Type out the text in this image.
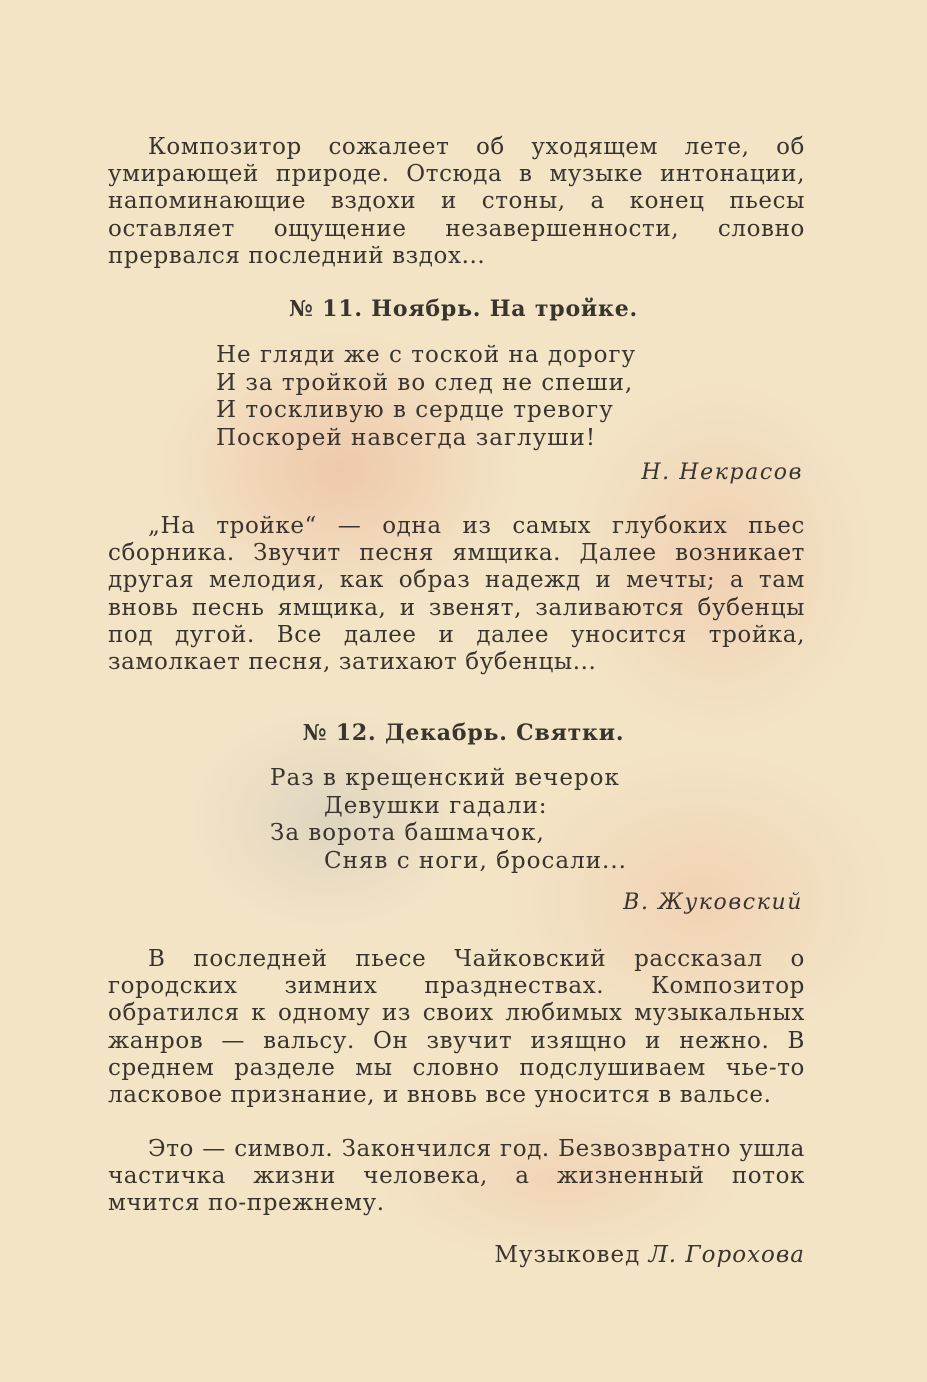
Композитор сожалеет об уходящем лете, об умирающей природе. Отсюда в музыке интонации, напоминающие вздохи и стоны, а конец пьесы оставляет ощущение незавершенности, словно прервался последний вздох...

№ 11. Ноябрь. На тройке.
Не гляди же с тоской на дорогу
И за тройкой во след не спеши,
И тоскливую в сердце тревогу
Поскорей навсегда заглуши!
Н. Некрасов

„На тройке“ — одна из самых глубоких пьес сборника. Звучит песня ямщика. Далее возникает другая мелодия, как образ надежд и мечты; а там вновь песнь ямщика, и звенят, заливаются бубенцы под дугой. Все далее и далее уносится тройка, замолкает песня, затихают бубенцы...

№ 12. Декабрь. Святки.
Раз в крещенский вечерок
Девушки гадали:
За ворота башмачок,
Сняв с ноги, бросали...
В. Жуковский

В последней пьесе Чайковский рассказал о городских зимних празднествах. Композитор обратился к одному из своих любимых музыкальных жанров — вальсу. Он звучит изящно и нежно. В среднем разделе мы словно подслушиваем чье-то ласковое признание, и вновь все уносится в вальсе.

Это — символ. Закончился год. Безвозвратно ушла частичка жизни человека, а жизненный поток мчится по-прежнему.

Музыковед Л. Горохова
